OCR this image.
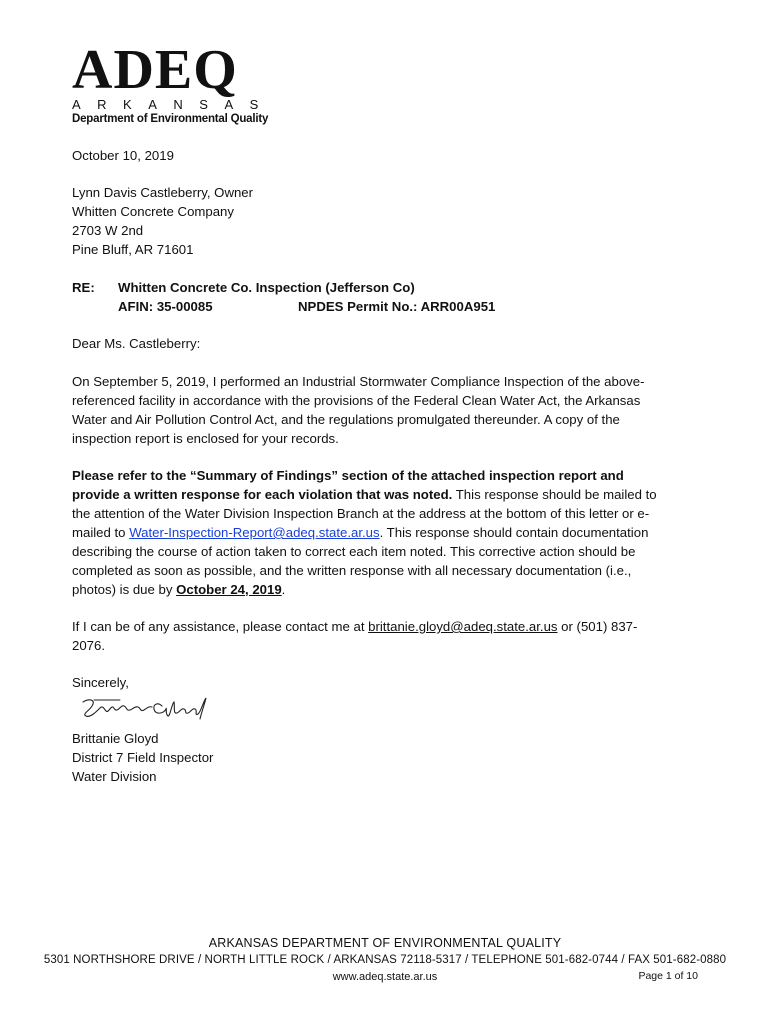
ADEQ
ARKANSAS
Department of Environmental Quality
October 10, 2019
Lynn Davis Castleberry, Owner
Whitten Concrete Company
2703 W 2nd
Pine Bluff, AR 71601
RE: Whitten Concrete Co. Inspection (Jefferson Co)
AFIN: 35-00085	NPDES Permit No.: ARR00A951
Dear Ms. Castleberry:
On September 5, 2019, I performed an Industrial Stormwater Compliance Inspection of the above-
referenced facility in accordance with the provisions of the Federal Clean Water Act, the Arkansas
Water and Air Pollution Control Act, and the regulations promulgated thereunder. A copy of the
inspection report is enclosed for your records.
Please refer to the “Summary of Findings” section of the attached inspection report and
provide a written response for each violation that was noted. This response should be mailed to
the attention of the Water Division Inspection Branch at the address at the bottom of this letter or e-
mailed to Water-Inspection-Report@adeq.state.ar.us. This response should contain documentation
describing the course of action taken to correct each item noted. This corrective action should be
completed as soon as possible, and the written response with all necessary documentation (i.e.,
photos) is due by October 24, 2019.
If I can be of any assistance, please contact me at brittanie.gloyd@adeq.state.ar.us or (501) 837-
2076.
Sincerely,
Brittanie Gloyd
District 7 Field Inspector
Water Division
ARKANSAS DEPARTMENT OF ENVIRONMENTAL QUALITY
5301 NORTHSHORE DRIVE / NORTH LITTLE ROCK / ARKANSAS 72118-5317 / TELEPHONE 501-682-0744 / FAX 501-682-0880
www.adeq.state.ar.us	Page 1 of 10
